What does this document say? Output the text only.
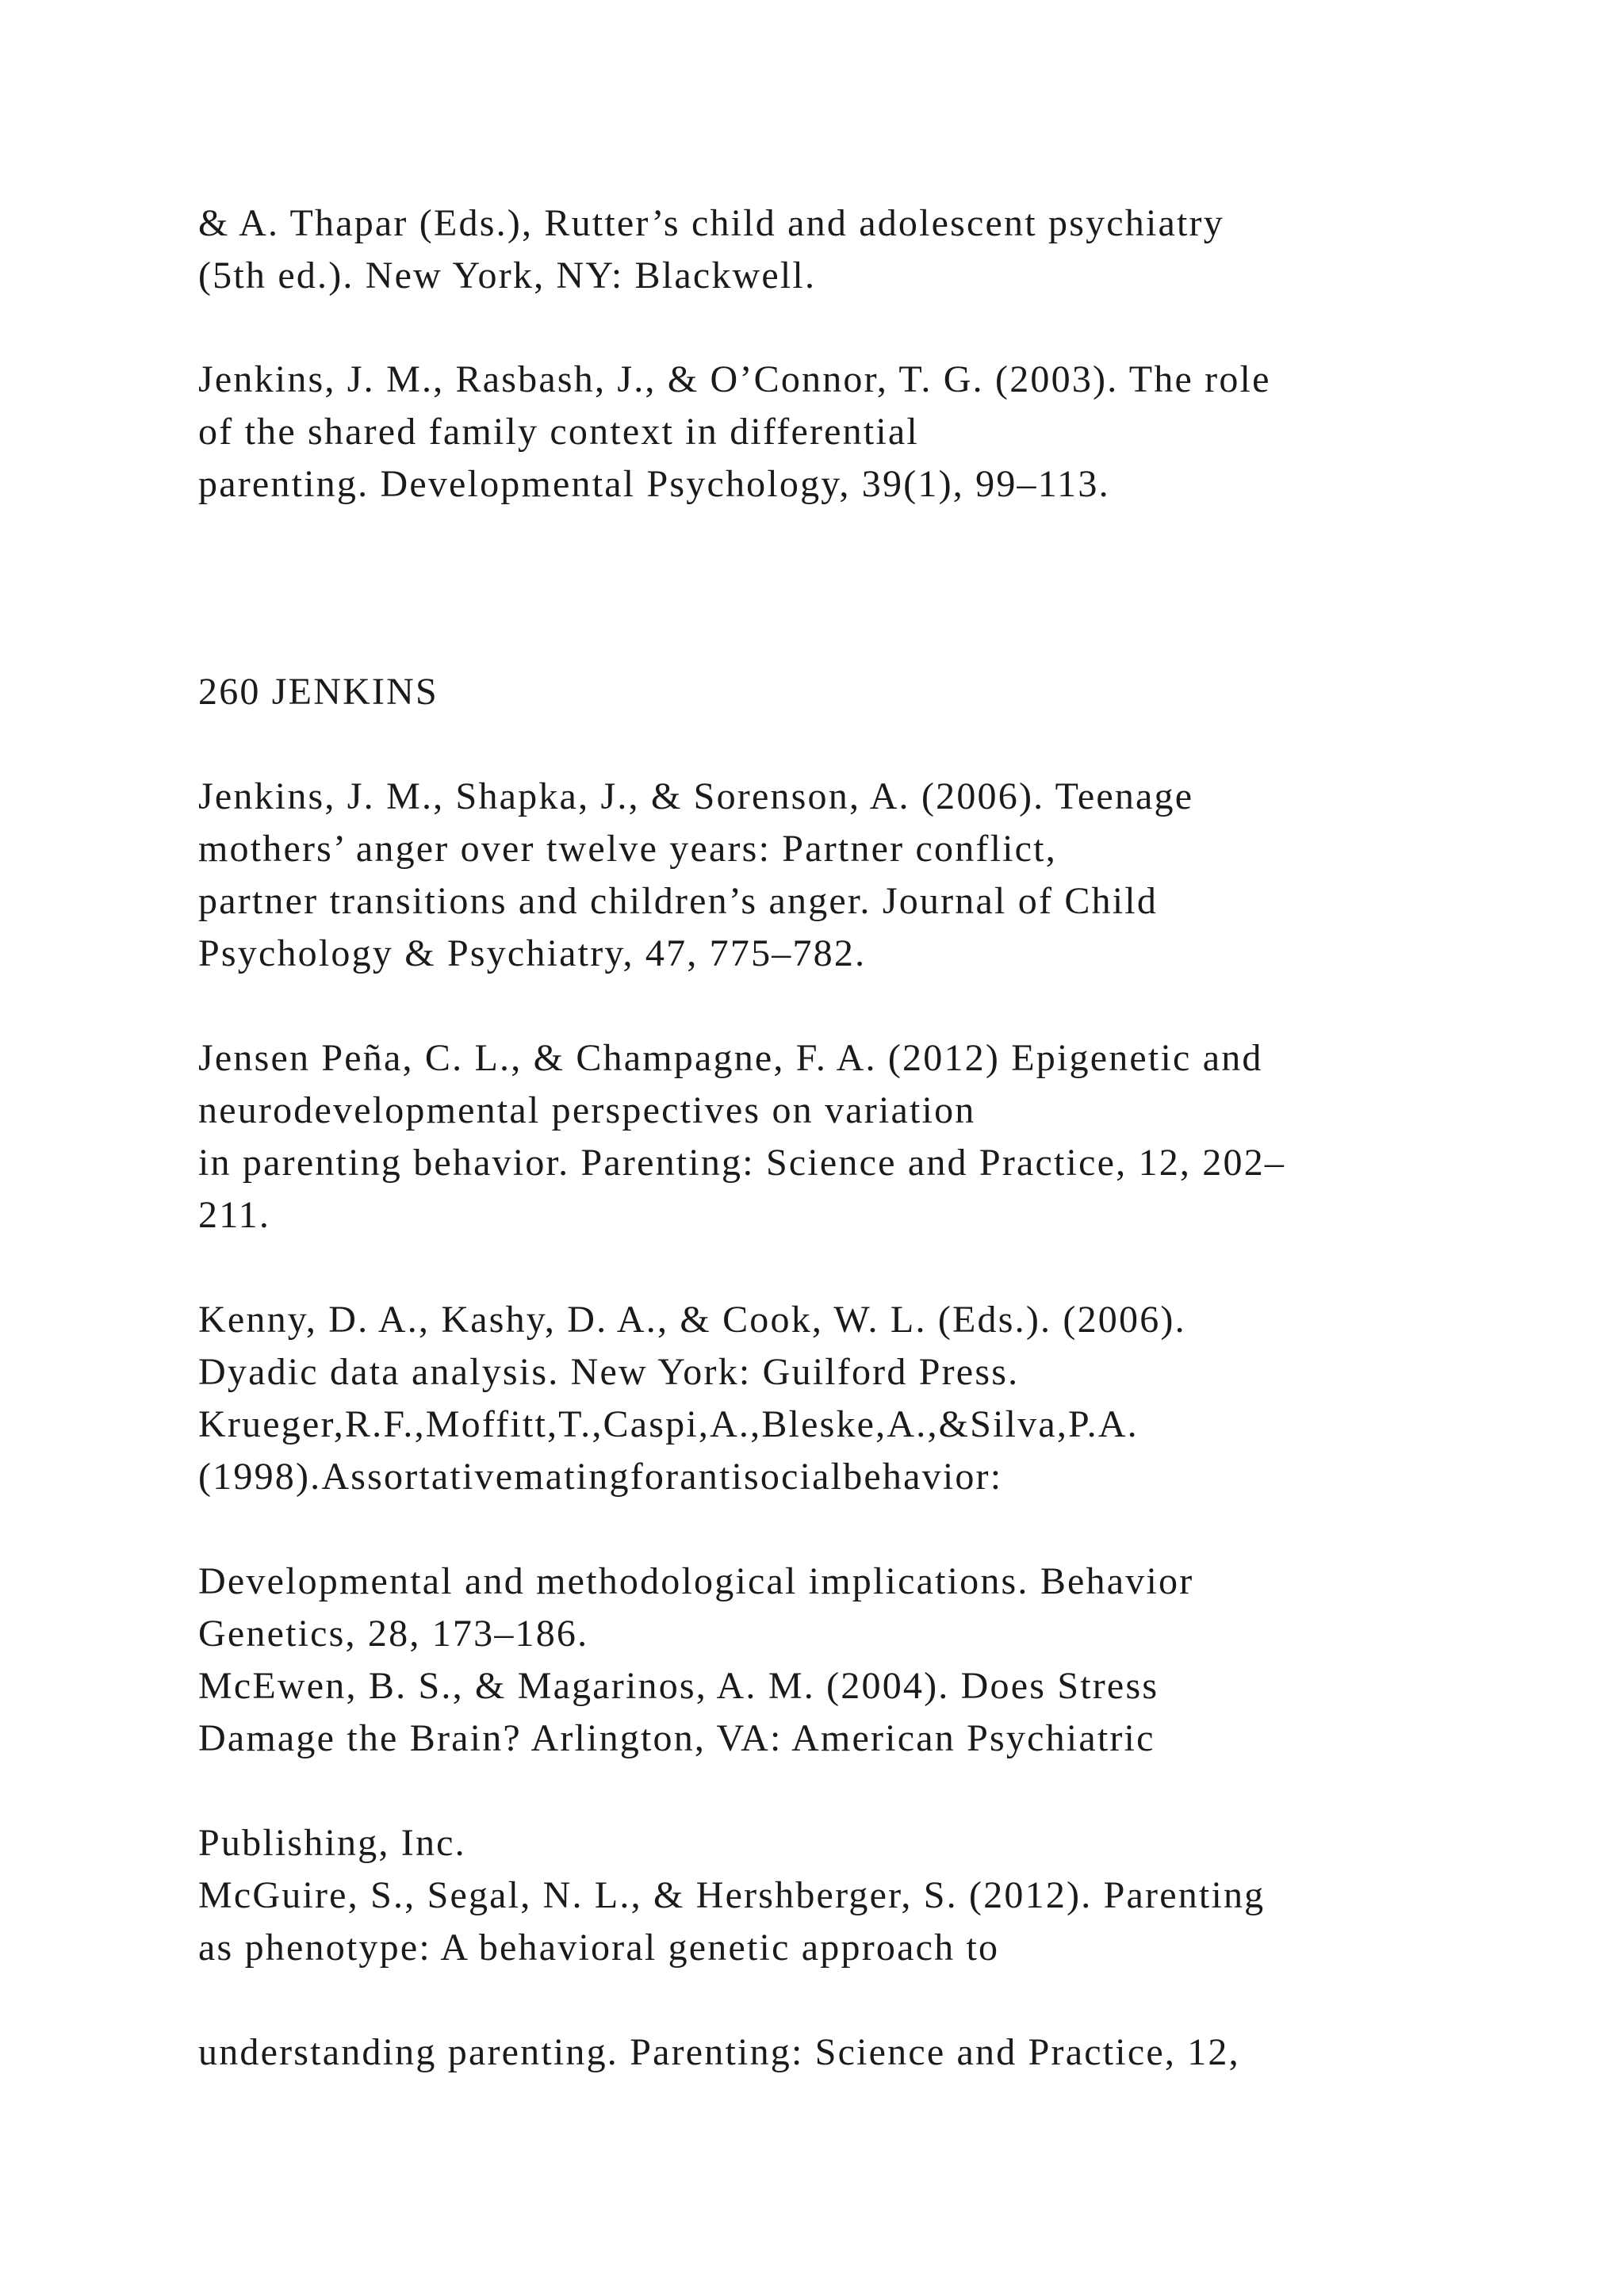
& A. Thapar (Eds.), Rutter’s child and adolescent psychiatry

(5th ed.). New York, NY: Blackwell.

Jenkins, J. M., Rasbash, J., & O’Connor, T. G. (2003). The role

of the shared family context in differential

parenting. Developmental Psychology, 39(1), 99–113.

260 JENKINS

Jenkins, J. M., Shapka, J., & Sorenson, A. (2006). Teenage

mothers’ anger over twelve years: Partner conflict,

partner transitions and children’s anger. Journal of Child

Psychology & Psychiatry, 47, 775–782.

Jensen Peña, C. L., & Champagne, F. A. (2012) Epigenetic and

neurodevelopmental perspectives on variation

in parenting behavior. Parenting: Science and Practice, 12, 202–

211.

Kenny, D. A., Kashy, D. A., & Cook, W. L. (Eds.). (2006).

Dyadic data analysis. New York: Guilford Press.

Krueger,R.F.,Moffitt,T.,Caspi,A.,Bleske,A.,&Silva,P.A.

(1998).Assortativematingforantisocialbehavior:

Developmental and methodological implications. Behavior

Genetics, 28, 173–186.

McEwen, B. S., & Magarinos, A. M. (2004). Does Stress

Damage the Brain? Arlington, VA: American Psychiatric

Publishing, Inc.

McGuire, S., Segal, N. L., & Hershberger, S. (2012). Parenting

as phenotype: A behavioral genetic approach to

understanding parenting. Parenting: Science and Practice, 12,
